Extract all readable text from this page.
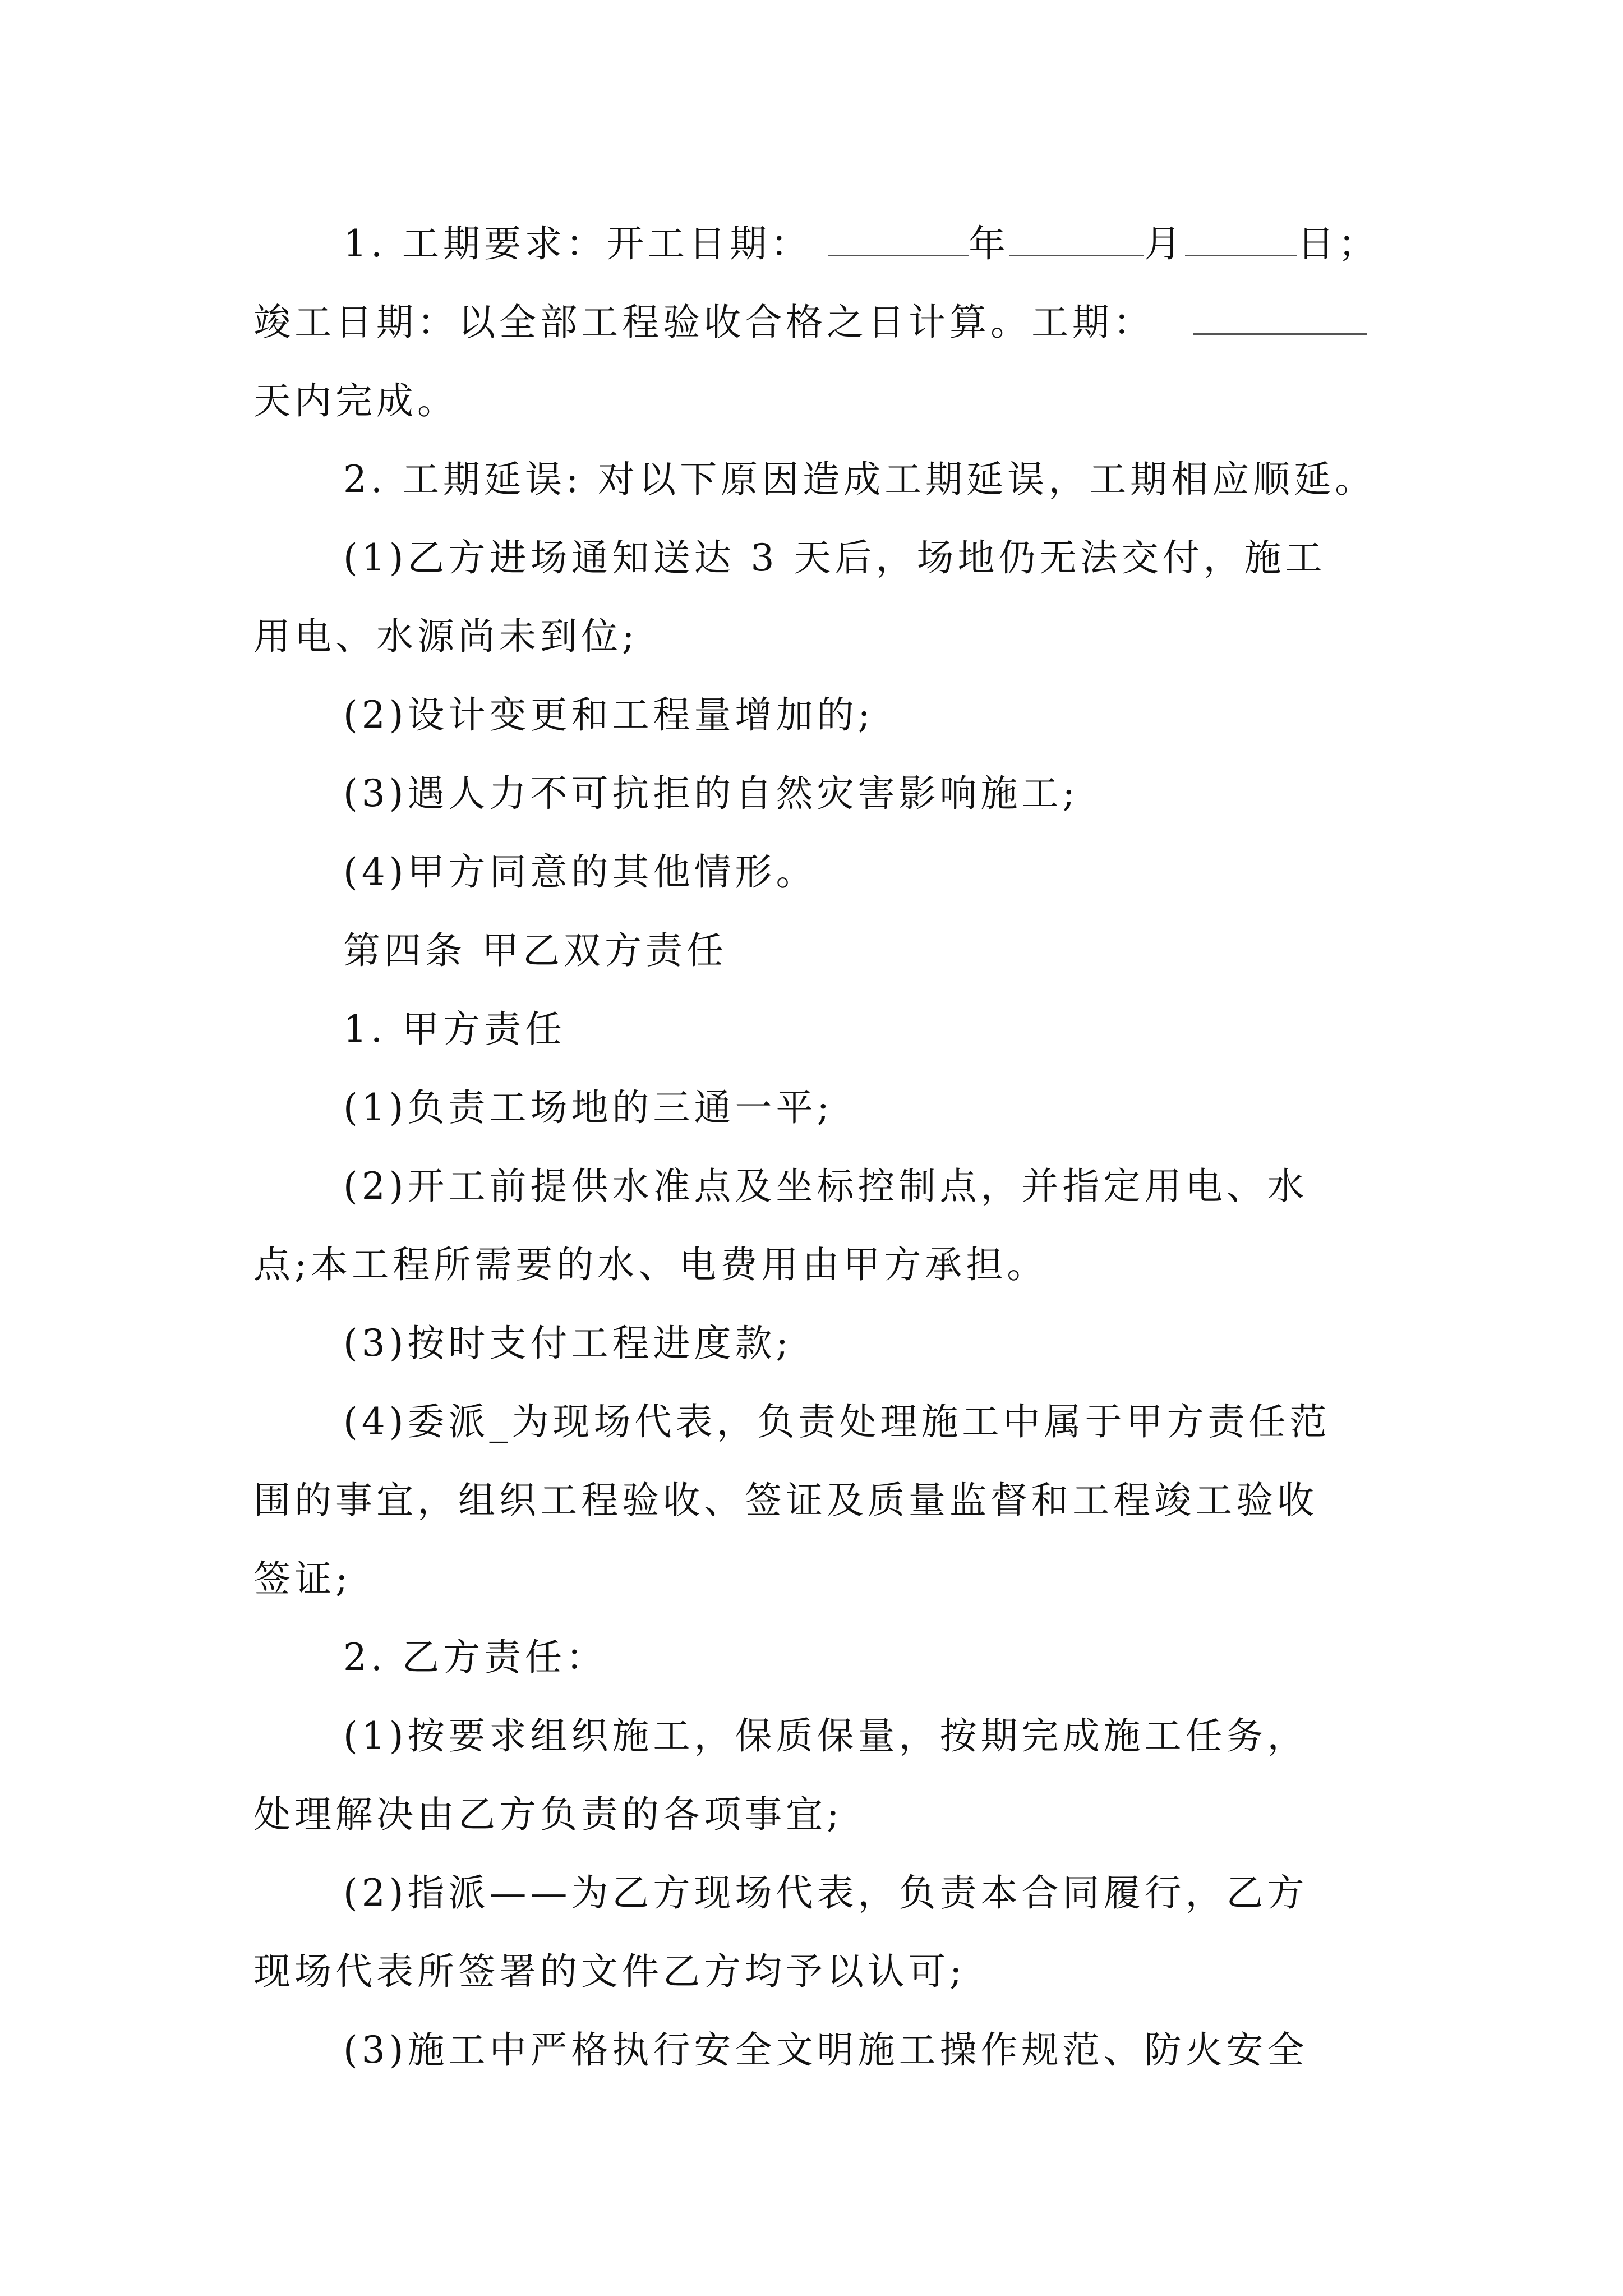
1. 工期要求：开工日期：	年	月	日；

竣工日期：以全部工程验收合格之日计算。工期：

天内完成。

2. 工期延误: 对以下原因造成工期延误，工期相应顺延。

(1)乙方进场通知送达 3 天后，场地仍无法交付，施工

用电、水源尚未到位;

(2)设计变更和工程量增加的;

(3)遇人力不可抗拒的自然灾害影响施工;

(4)甲方同意的其他情形。

第四条 甲乙双方责任

1. 甲方责任

(1)负责工场地的三通一平;

(2)开工前提供水准点及坐标控制点，并指定用电、水

点;本工程所需要的水、电费用由甲方承担。

(3)按时支付工程进度款;

(4)委派_为现场代表，负责处理施工中属于甲方责任范

围的事宜，组织工程验收、签证及质量监督和工程竣工验收

签证;

2. 乙方责任：

(1)按要求组织施工，保质保量，按期完成施工任务，

处理解决由乙方负责的各项事宜;

(2)指派——为乙方现场代表，负责本合同履行，乙方

现场代表所签署的文件乙方均予以认可;

(3)施工中严格执行安全文明施工操作规范、防火安全
